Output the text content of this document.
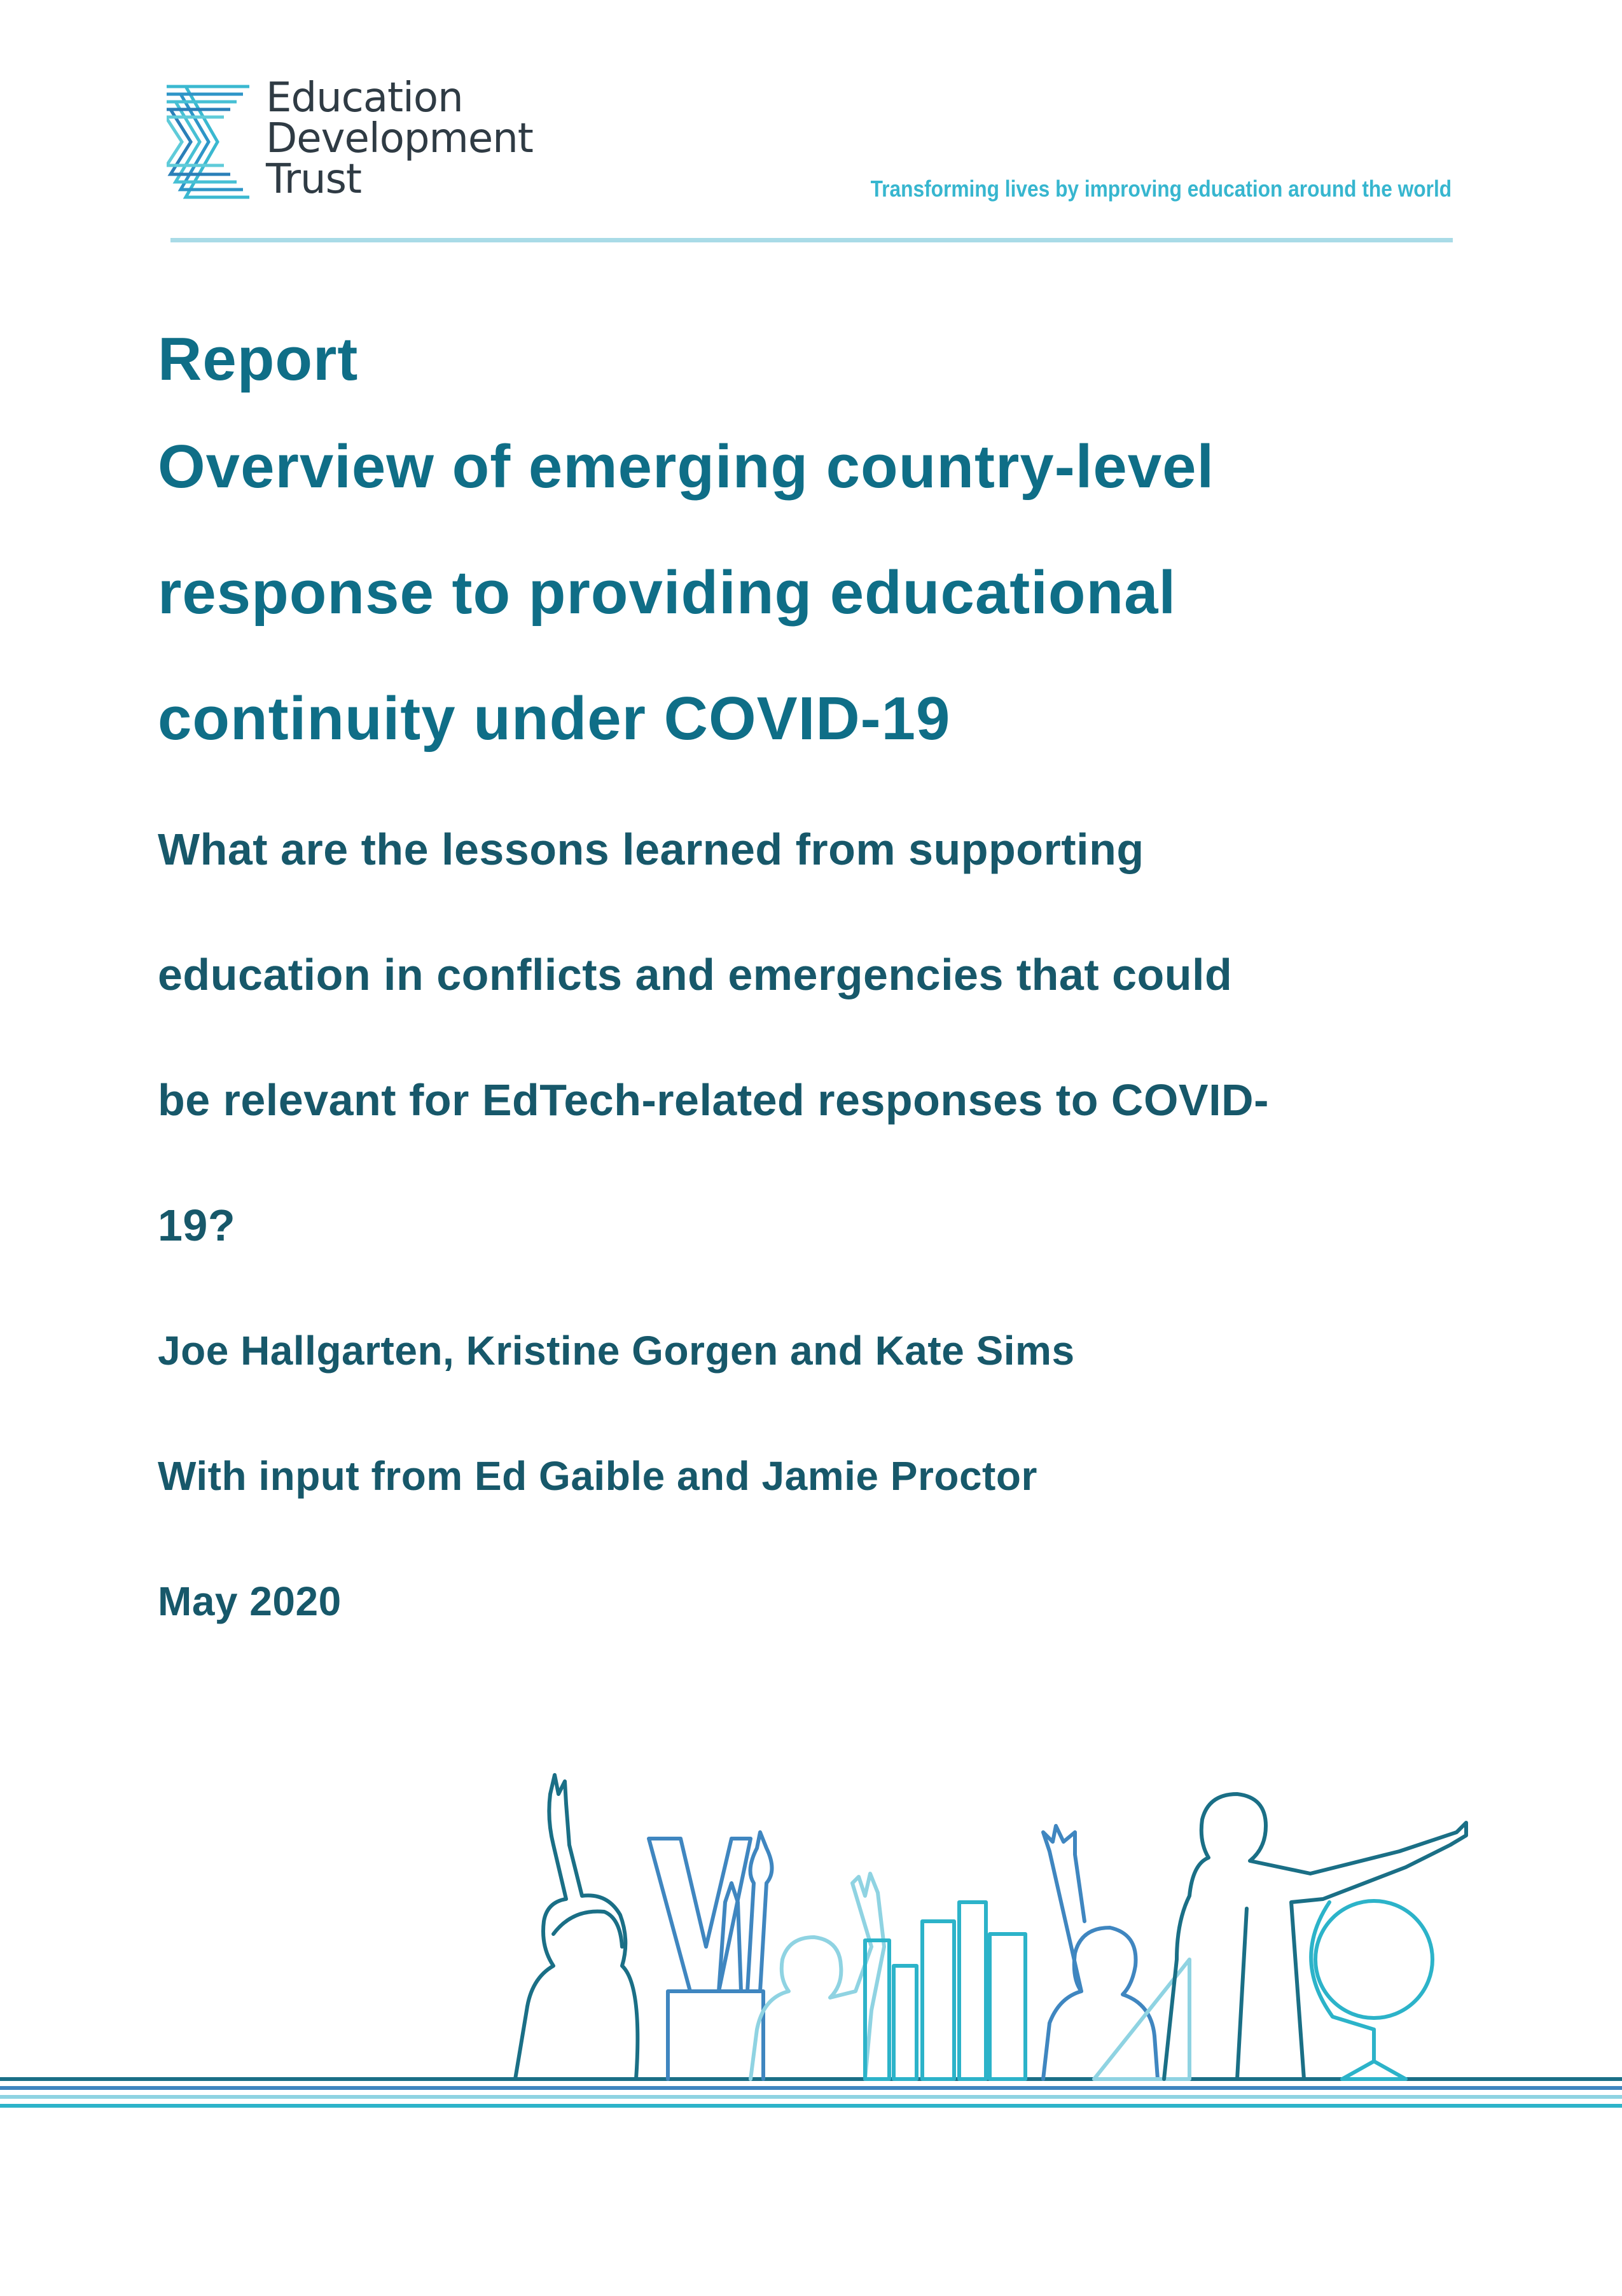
Education
Development
Trust	Transforming lives by improving education around the world
Report
Overview of emerging country-level
response to providing educational
continuity under COVID-19
What are the lessons learned from supporting
education in conflicts and emergencies that could
be relevant for EdTech-related responses to COVID-
19?
Joe Hallgarten, Kristine Gorgen and Kate Sims
With input from Ed Gaible and Jamie Proctor
May 2020
